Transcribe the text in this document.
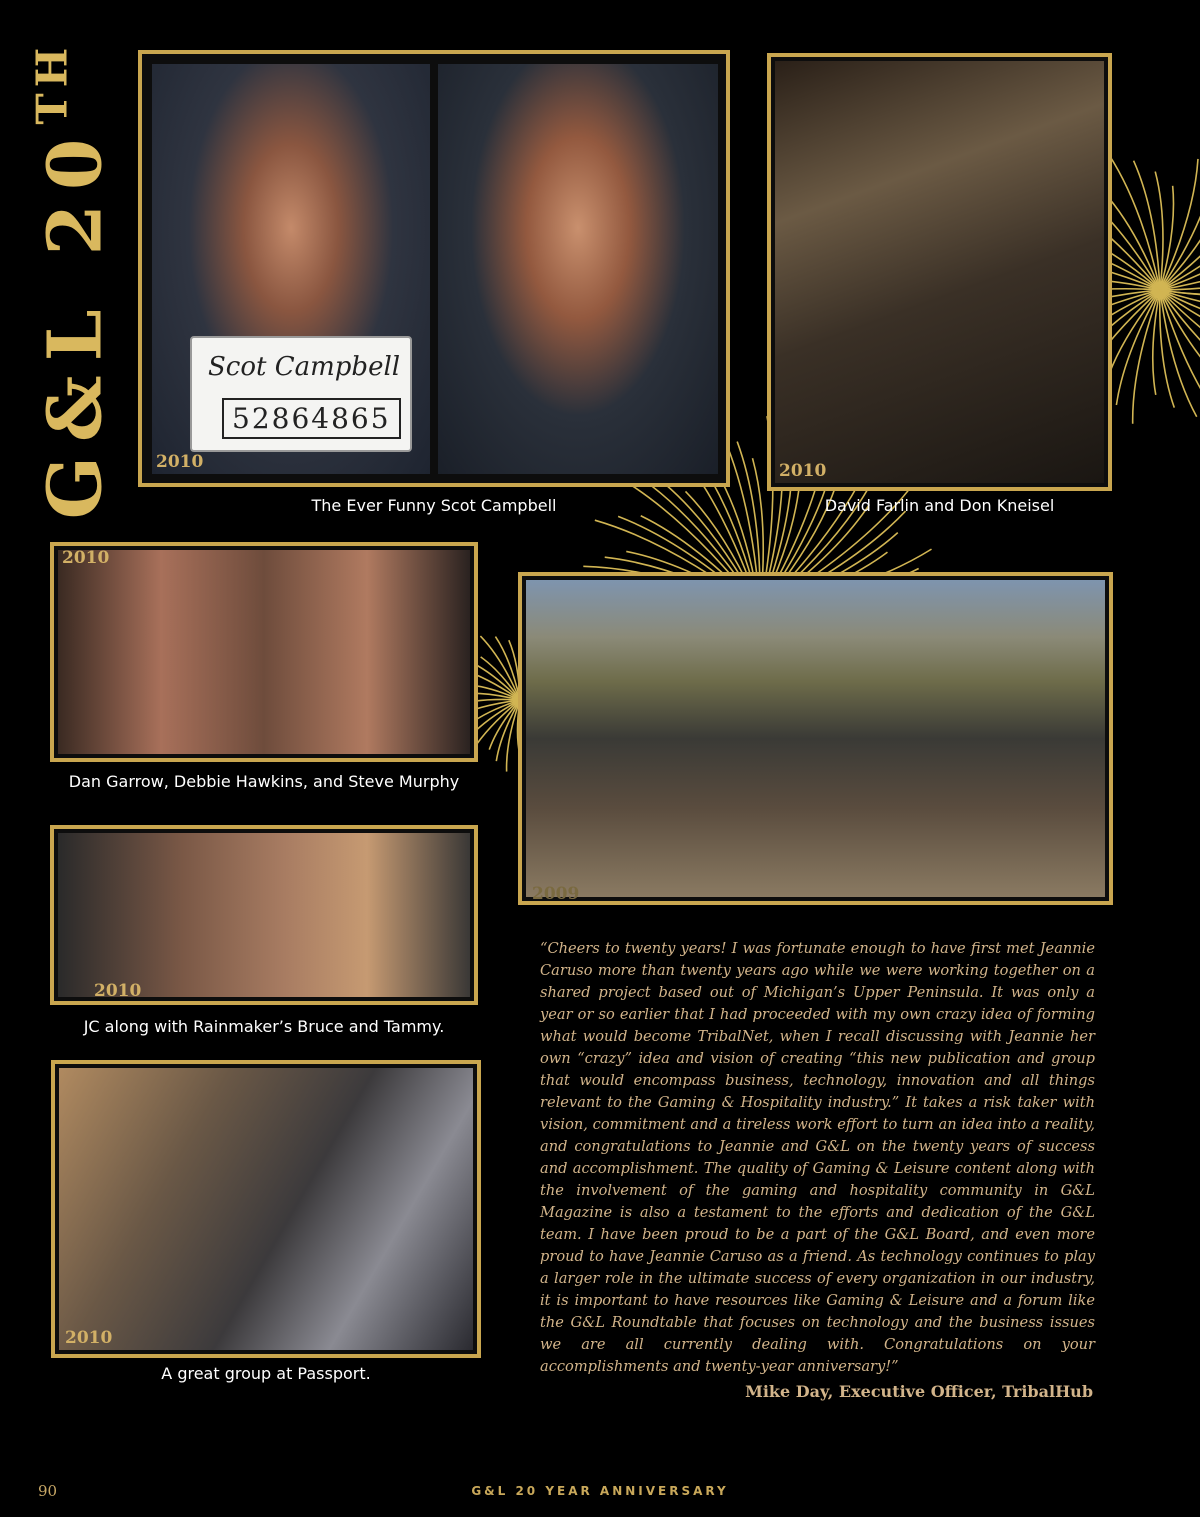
G&L 20TH
Scot Campbell
52864865
2010
The Ever Funny Scot Campbell
2010
David Farlin and Don Kneisel
2010
Dan Garrow, Debbie Hawkins, and Steve Murphy
2009
2010
JC along with Rainmaker’s Bruce and Tammy.
2010
A great group at Passport.
“Cheers to twenty years! I was fortunate enough to have first met Jeannie Caruso more than twenty years ago while we were working together on a shared project based out of Michigan’s Upper Peninsula. It was only a year or so earlier that I had proceeded with my own crazy idea of forming what would become TribalNet, when I recall discussing with Jeannie her own “crazy” idea and vision of creating “this new publication and group that would encompass business, technology, innovation and all things relevant to the Gaming & Hospitality industry.” It takes a risk taker with vision, commitment and a tireless work effort to turn an idea into a reality, and congratulations to Jeannie and G&L on the twenty years of success and accomplishment. The quality of Gaming & Leisure content along with the involvement of the gaming and hospitality community in G&L Magazine is also a testament to the efforts and dedication of the G&L team. I have been proud to be a part of the G&L Board, and even more proud to have Jeannie Caruso as a friend. As technology continues to play a larger role in the ultimate success of every organization in our industry, it is important to have resources like Gaming & Leisure and a forum like the G&L Roundtable that focuses on technology and the business issues we are all currently dealing with. Congratulations on your accomplishments and twenty-year anniversary!”
Mike Day, Executive Officer, TribalHub
90	G&L 20 YEAR ANNIVERSARY
